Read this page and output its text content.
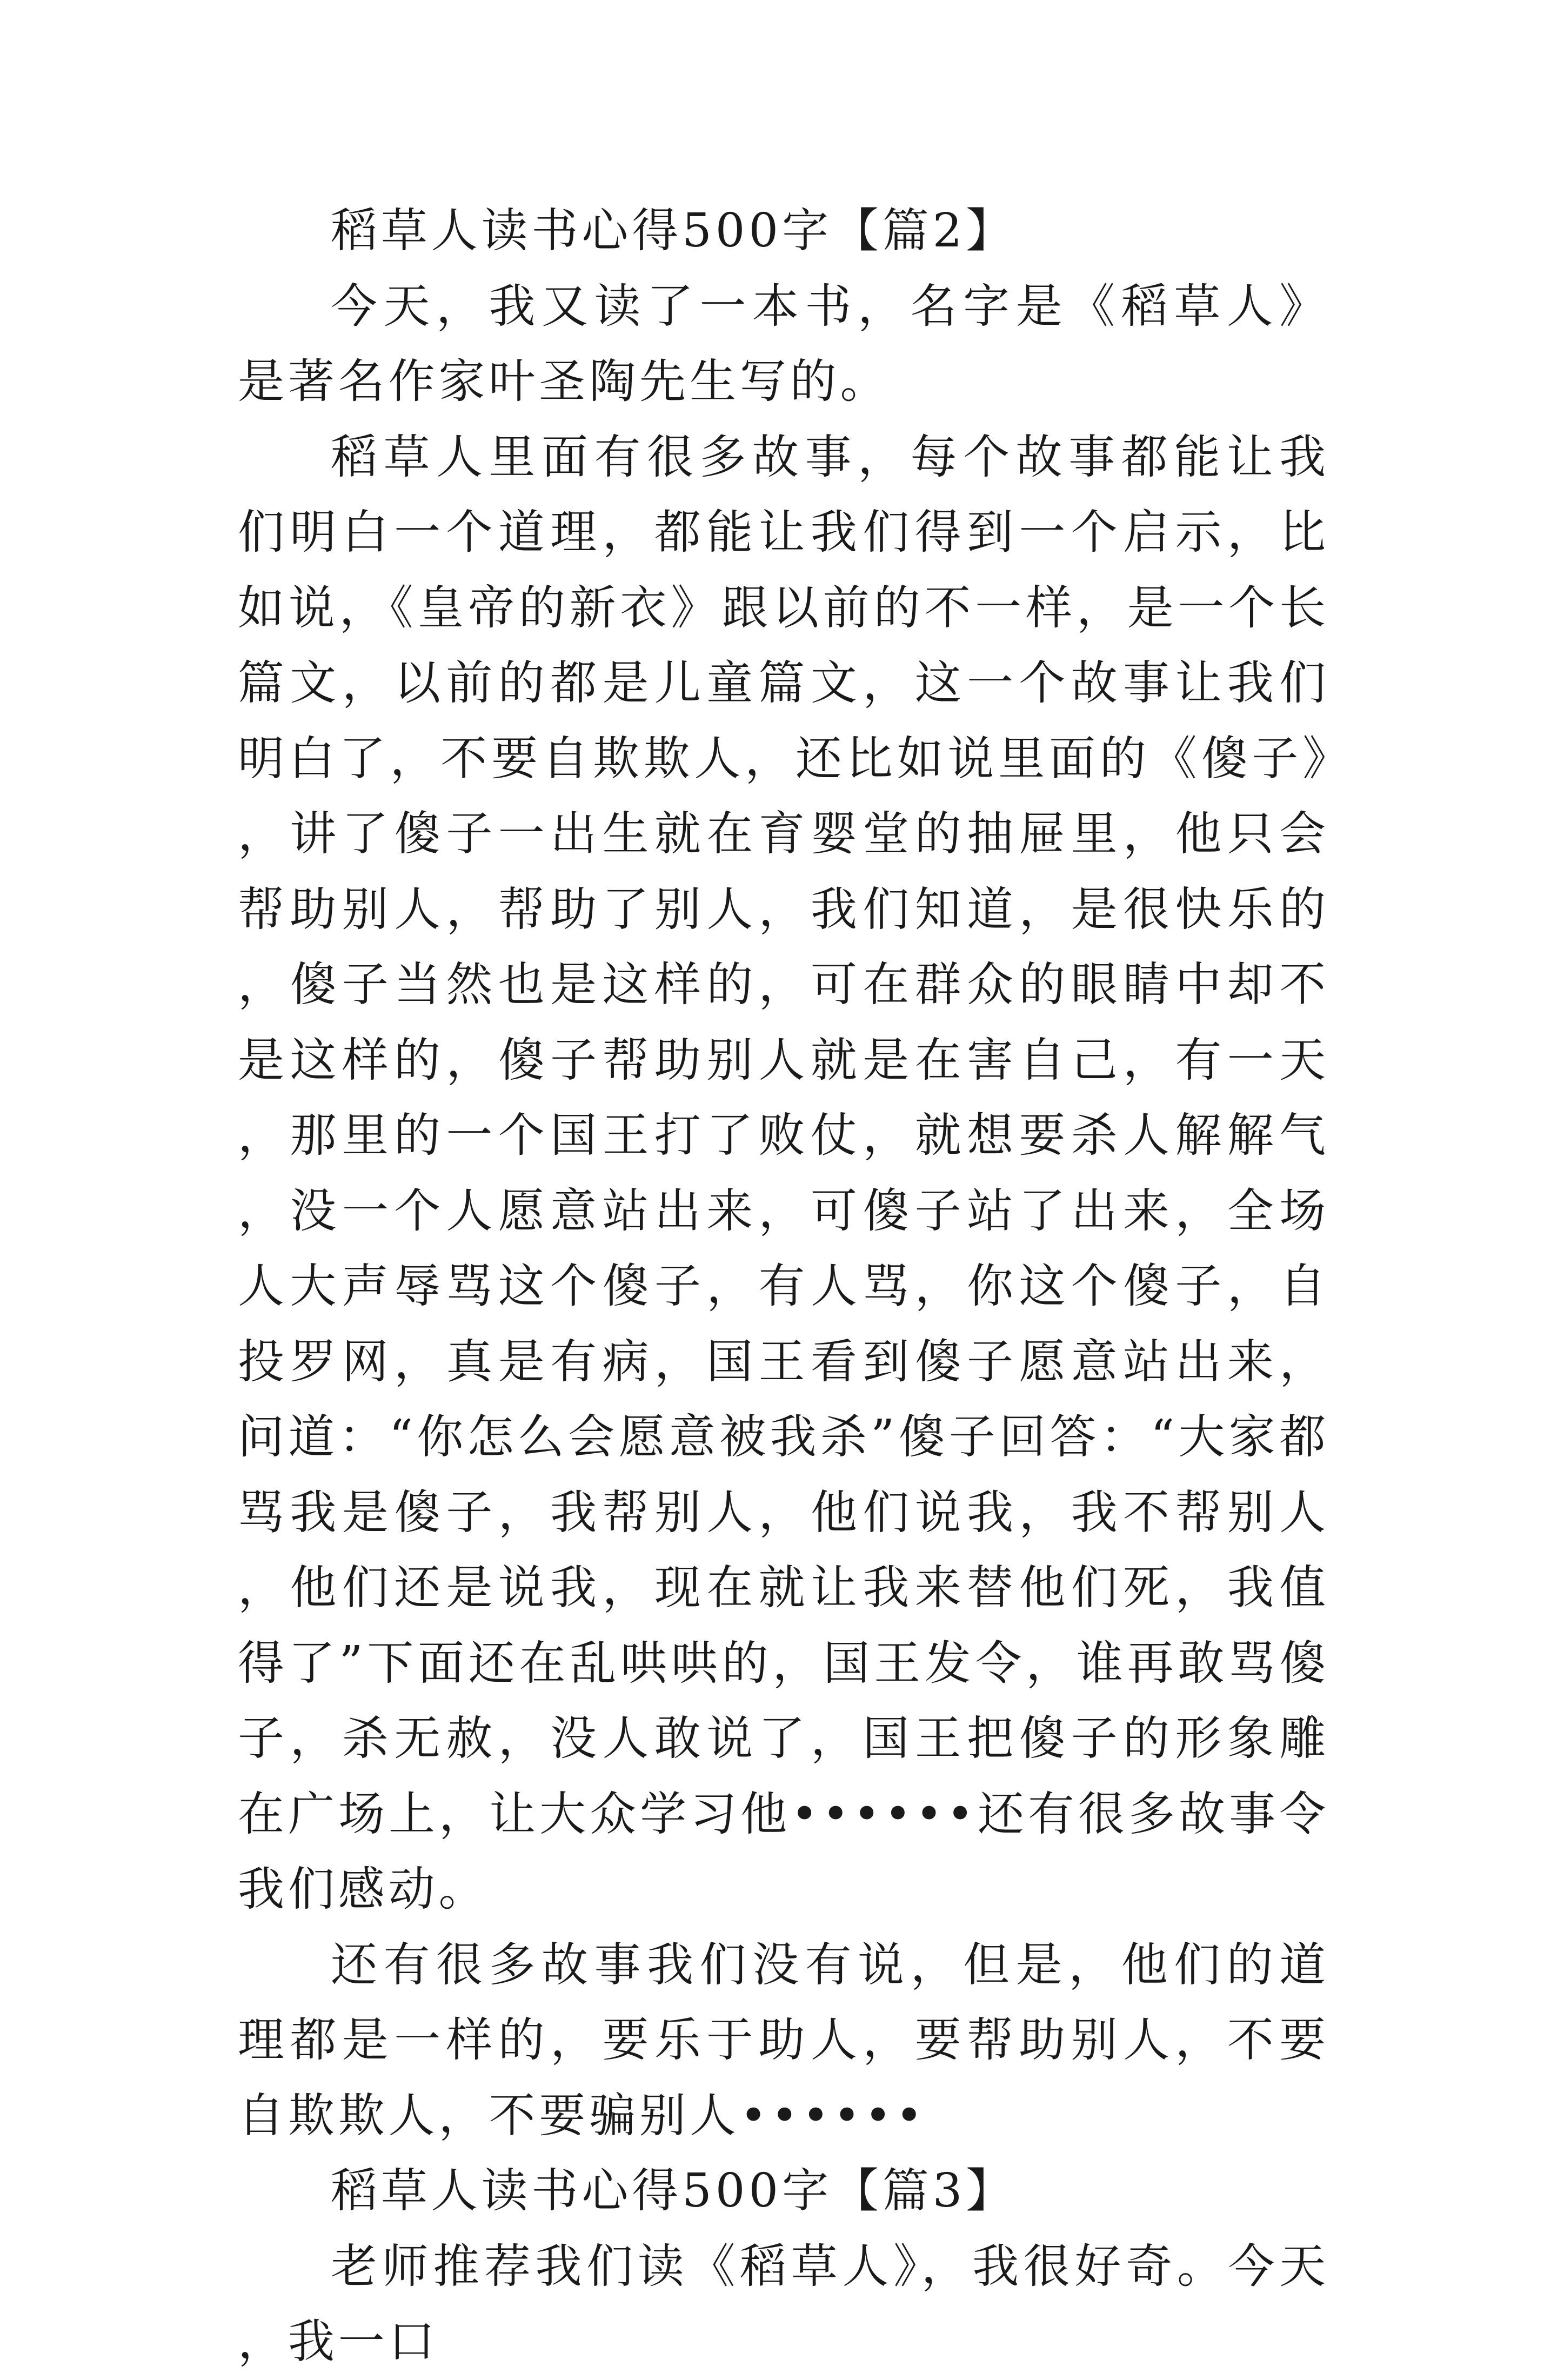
稻草人读书心得500字【篇2】

今天，我又读了一本书，名字是《稻草人》是著名作家叶圣陶先生写的。

稻草人里面有很多故事，每个故事都能让我们明白一个道理，都能让我们得到一个启示，比如说，《皇帝的新衣》跟以前的不一样，是一个长篇文，以前的都是儿童篇文，这一个故事让我们明白了，不要自欺欺人，还比如说里面的《傻子》，讲了傻子一出生就在育婴堂的抽屉里，他只会帮助别人，帮助了别人，我们知道，是很快乐的，傻子当然也是这样的，可在群众的眼睛中却不是这样的，傻子帮助别人就是在害自己，有一天，那里的一个国王打了败仗，就想要杀人解解气，没一个人愿意站出来，可傻子站了出来，全场人大声辱骂这个傻子，有人骂，你这个傻子，自投罗网，真是有病，国王看到傻子愿意站出来，问道：“你怎么会愿意被我杀”傻子回答：“大家都骂我是傻子，我帮别人，他们说我，我不帮别人，他们还是说我，现在就让我来替他们死，我值得了”下面还在乱哄哄的，国王发令，谁再敢骂傻子，杀无赦，没人敢说了，国王把傻子的形象雕在广场上，让大众学习他••••••还有很多故事令我们感动。

还有很多故事我们没有说，但是，他们的道理都是一样的，要乐于助人，要帮助别人，不要自欺欺人，不要骗别人••••••

稻草人读书心得500字【篇3】

老师推荐我们读《稻草人》，我很好奇。今天，我一口
